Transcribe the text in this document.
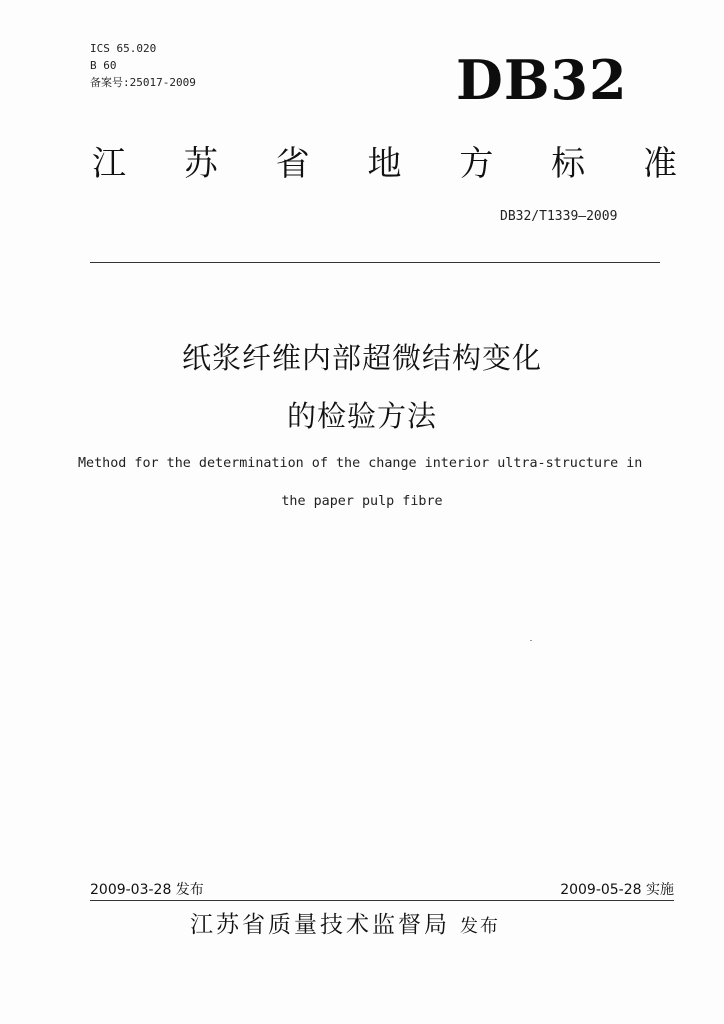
ICS 65.020
B 60
备案号:25017-2009	DB32
江 苏 省 地 方 标 准
DB32/T1339—2009
纸浆纤维内部超微结构变化
的检验方法
Method for the determination of the change interior ultra-structure in
the paper pulp fibre
2009-03-28 发布	2009-05-28 实施
江苏省质量技术监督局 发布
